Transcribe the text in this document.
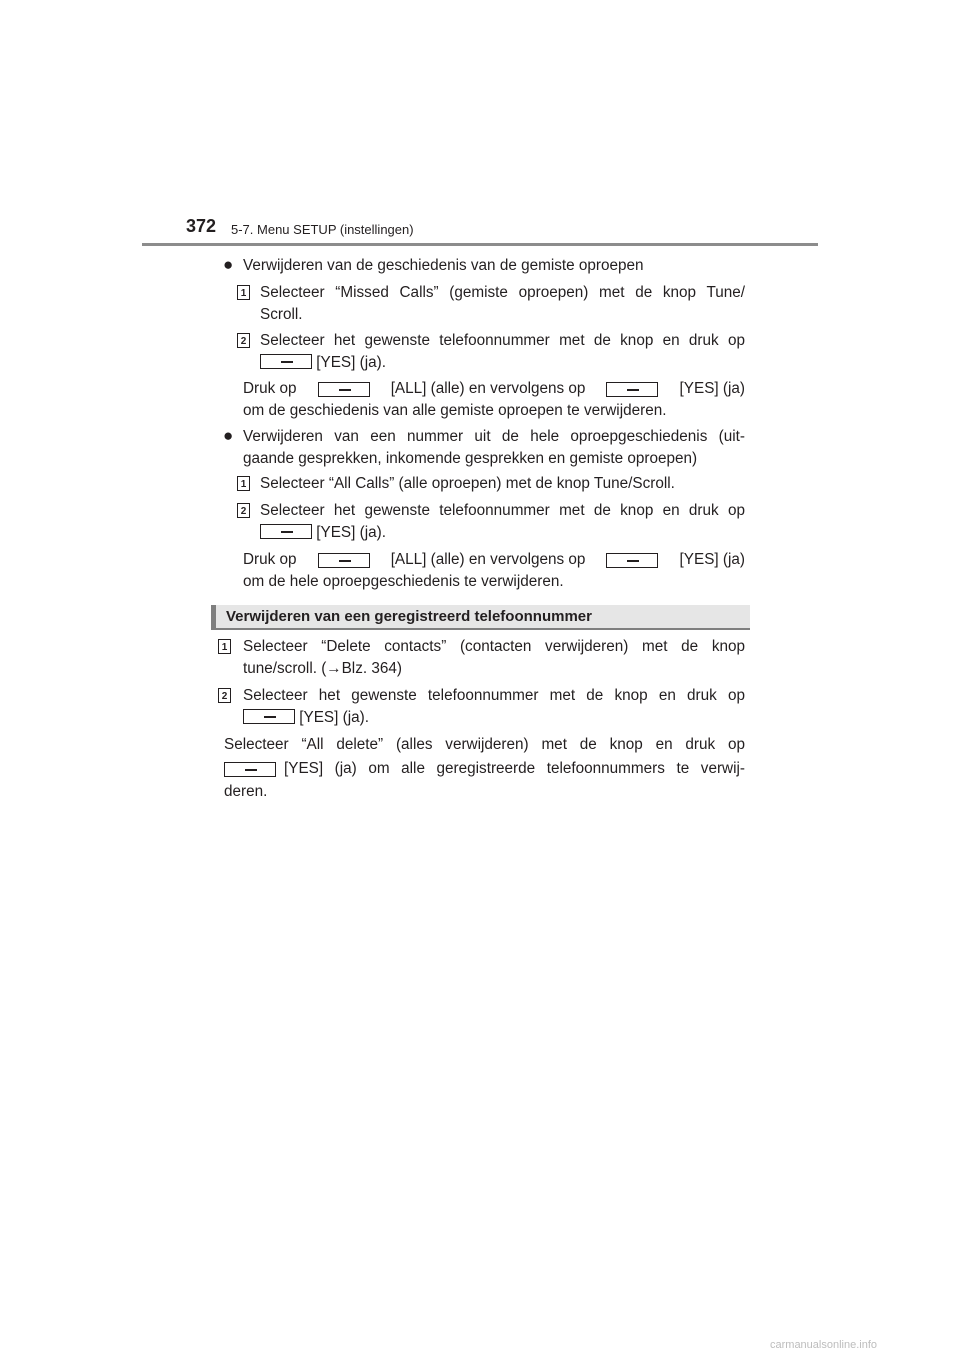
372 5-7. Menu SETUP (instellingen)
● Verwijderen van de geschiedenis van de gemiste oproepen
1 Selecteer “Missed Calls” (gemiste oproepen) met de knop Tune/
Scroll.
2 Selecteer het gewenste telefoonnummer met de knop en druk op
[YES] (ja).
Druk op	[ALL] (alle) en vervolgens op	[YES] (ja)
om de geschiedenis van alle gemiste oproepen te verwijderen.
● Verwijderen van een nummer uit de hele oproepgeschiedenis (uit-
gaande gesprekken, inkomende gesprekken en gemiste oproepen)
1 Selecteer “All Calls” (alle oproepen) met de knop Tune/Scroll.
2 Selecteer het gewenste telefoonnummer met de knop en druk op
[YES] (ja).
Druk op	[ALL] (alle) en vervolgens op	[YES] (ja)
om de hele oproepgeschiedenis te verwijderen.
Verwijderen van een geregistreerd telefoonnummer
1 Selecteer “Delete contacts” (contacten verwijderen) met de knop
tune/scroll. (→Blz. 364)
2 Selecteer het gewenste telefoonnummer met de knop en druk op
[YES] (ja).
Selecteer “All delete” (alles verwijderen) met de knop en druk op
[YES] (ja) om alle geregistreerde telefoonnummers te verwij-
deren.
carmanualsonline.info
